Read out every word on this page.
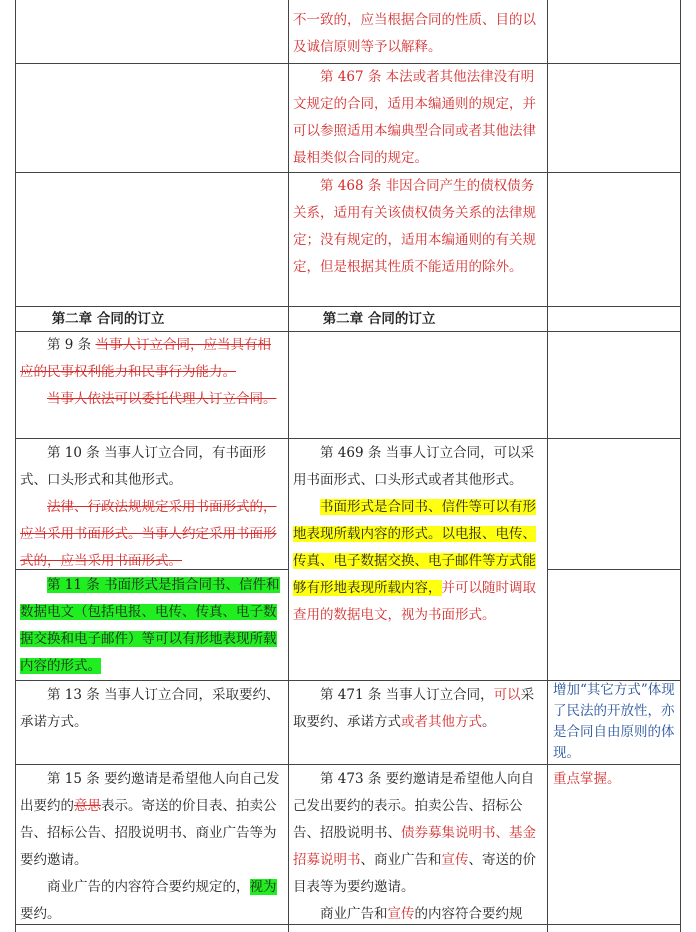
不一致的，应当根据合同的性质、目的以及诚信原则等予以解释。

第 467 条 本法或者其他法律没有明文规定的合同，适用本编通则的规定，并可以参照适用本编典型合同或者其他法律最相类似合同的规定。

第 468 条 非因合同产生的债权债务关系，适用有关该债权债务关系的法律规定；没有规定的，适用本编通则的有关规定，但是根据其性质不能适用的除外。

第二章 合同的订立	第二章 合同的订立

第 9 条 当事人订立合同，应当具有相应的民事权利能力和民事行为能力。

当事人依法可以委托代理人订立合同。

第 10 条 当事人订立合同，有书面形式、口头形式和其他形式。

法律、行政法规规定采用书面形式的，应当采用书面形式。当事人约定采用书面形式的，应当采用书面形式。

第 11 条 书面形式是指合同书、信件和数据电文（包括电报、电传、传真、电子数据交换和电子邮件）等可以有形地表现所载内容的形式。

第 469 条 当事人订立合同，可以采用书面形式、口头形式或者其他形式。

书面形式是合同书、信件等可以有形地表现所载内容的形式。以电报、电传、传真、电子数据交换、电子邮件等方式能够有形地表现所载内容，并可以随时调取查用的数据电文，视为书面形式。

第 13 条 当事人订立合同，采取要约、承诺方式。

第 471 条 当事人订立合同，可以采取要约、承诺方式或者其他方式。

增加“其它方式”体现了民法的开放性，亦是合同自由原则的体现。

第 15 条 要约邀请是希望他人向自己发出要约的意思表示。寄送的价目表、拍卖公告、招标公告、招股说明书、商业广告等为要约邀请。

商业广告的内容符合要约规定的，视为要约。

第 473 条 要约邀请是希望他人向自己发出要约的表示。拍卖公告、招标公告、招股说明书、债券募集说明书、基金招募说明书、商业广告和宣传、寄送的价目表等为要约邀请。

商业广告和宣传的内容符合要约规

重点掌握。
